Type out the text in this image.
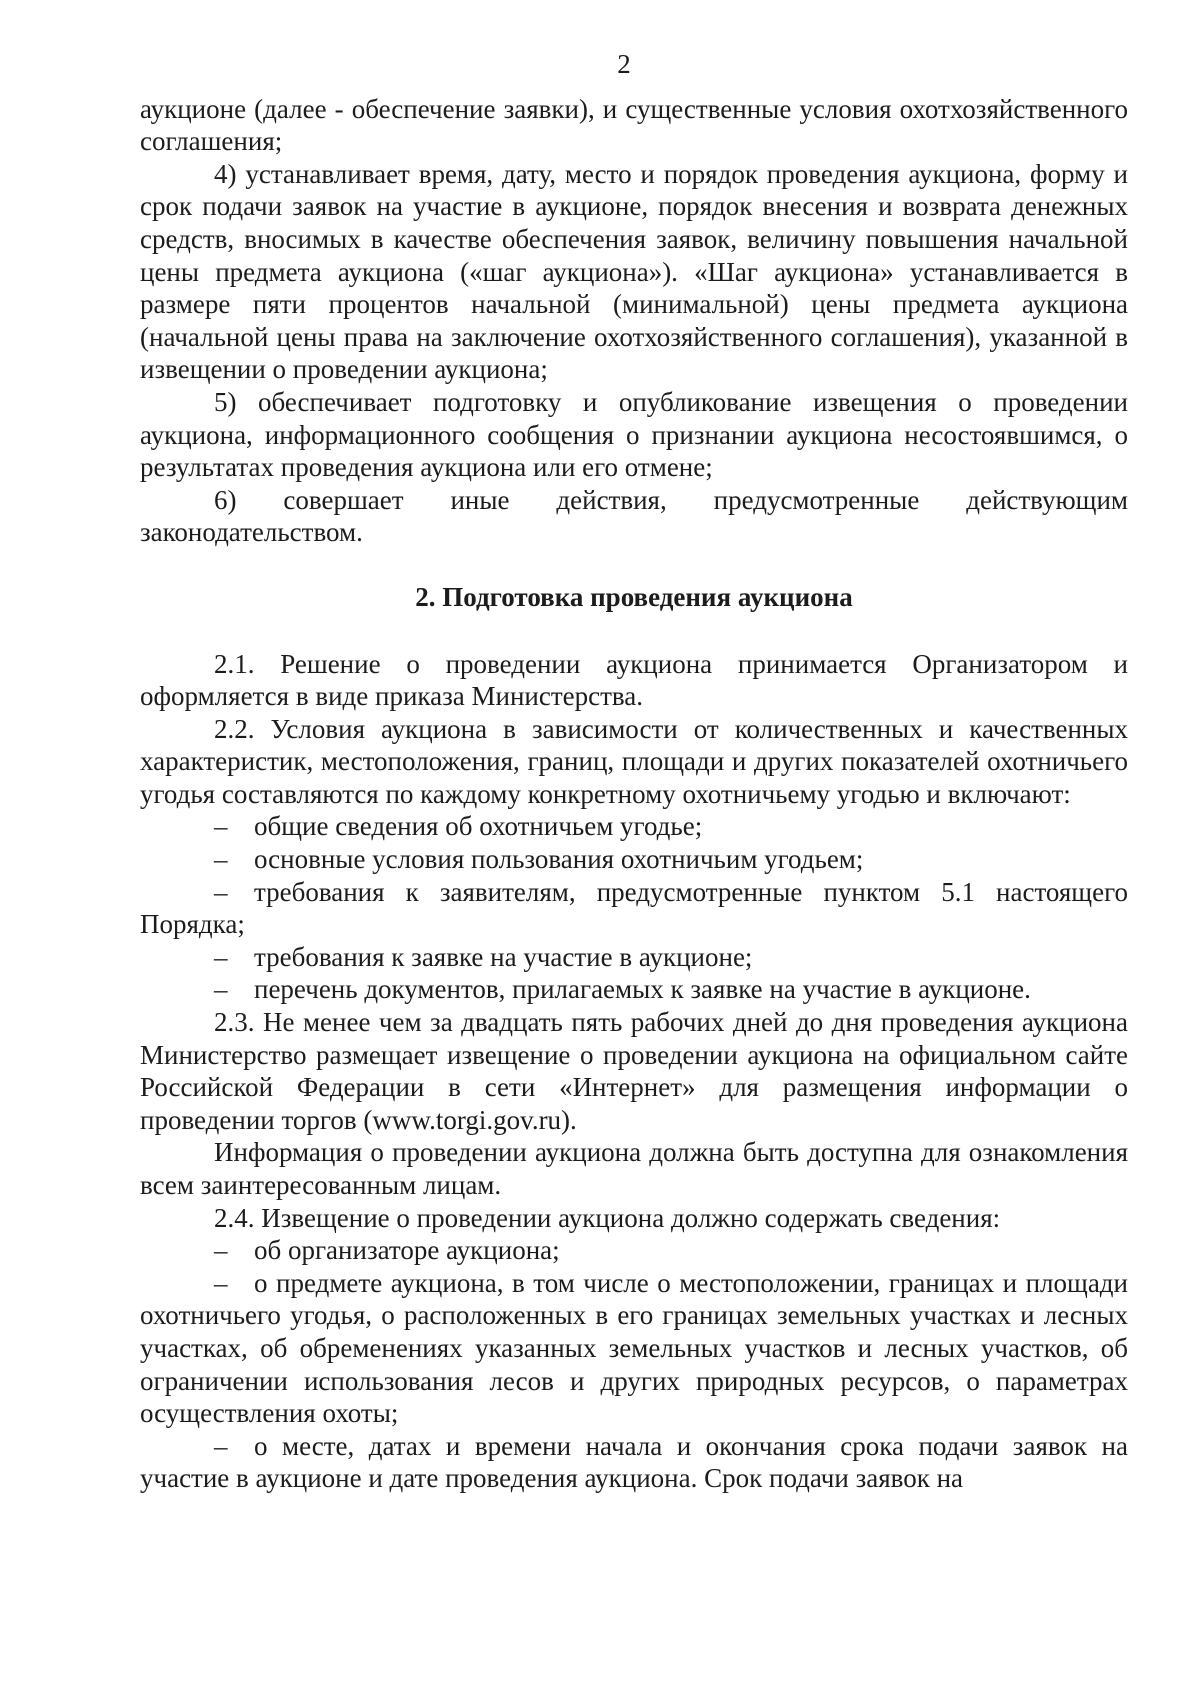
2

аукционе (далее - обеспечение заявки), и существенные условия охотхозяйственного соглашения;

4) устанавливает время, дату, место и порядок проведения аукциона, форму и срок подачи заявок на участие в аукционе, порядок внесения и возврата денежных средств, вносимых в качестве обеспечения заявок, величину повышения начальной цены предмета аукциона («шаг аукциона»). «Шаг аукциона» устанавливается в размере пяти процентов начальной (минимальной) цены предмета аукциона (начальной цены права на заключение охотхозяйственного соглашения), указанной в извещении о проведении аукциона;

5) обеспечивает подготовку и опубликование извещения о проведении аукциона, информационного сообщения о признании аукциона несостоявшимся, о результатах проведения аукциона или его отмене;

6) совершает иные действия, предусмотренные действующим законодательством.

2. Подготовка проведения аукциона

2.1. Решение о проведении аукциона принимается Организатором и оформляется в виде приказа Министерства.

2.2. Условия аукциона в зависимости от количественных и качественных характеристик, местоположения, границ, площади и других показателей охотничьего угодья составляются по каждому конкретному охотничьему угодью и включают:

– общие сведения об охотничьем угодье;

– основные условия пользования охотничьим угодьем;

– требования к заявителям, предусмотренные пунктом 5.1 настоящего Порядка;

– требования к заявке на участие в аукционе;

– перечень документов, прилагаемых к заявке на участие в аукционе.

2.3. Не менее чем за двадцать пять рабочих дней до дня проведения аукциона Министерство размещает извещение о проведении аукциона на официальном сайте Российской Федерации в сети «Интернет» для размещения информации о проведении торгов (www.torgi.gov.ru).

Информация о проведении аукциона должна быть доступна для ознакомления всем заинтересованным лицам.

2.4. Извещение о проведении аукциона должно содержать сведения:

– об организаторе аукциона;

– о предмете аукциона, в том числе о местоположении, границах и площади охотничьего угодья, о расположенных в его границах земельных участках и лесных участках, об обременениях указанных земельных участков и лесных участков, об ограничении использования лесов и других природных ресурсов, о параметрах осуществления охоты;

– о месте, датах и времени начала и окончания срока подачи заявок на участие в аукционе и дате проведения аукциона. Срок подачи заявок на
